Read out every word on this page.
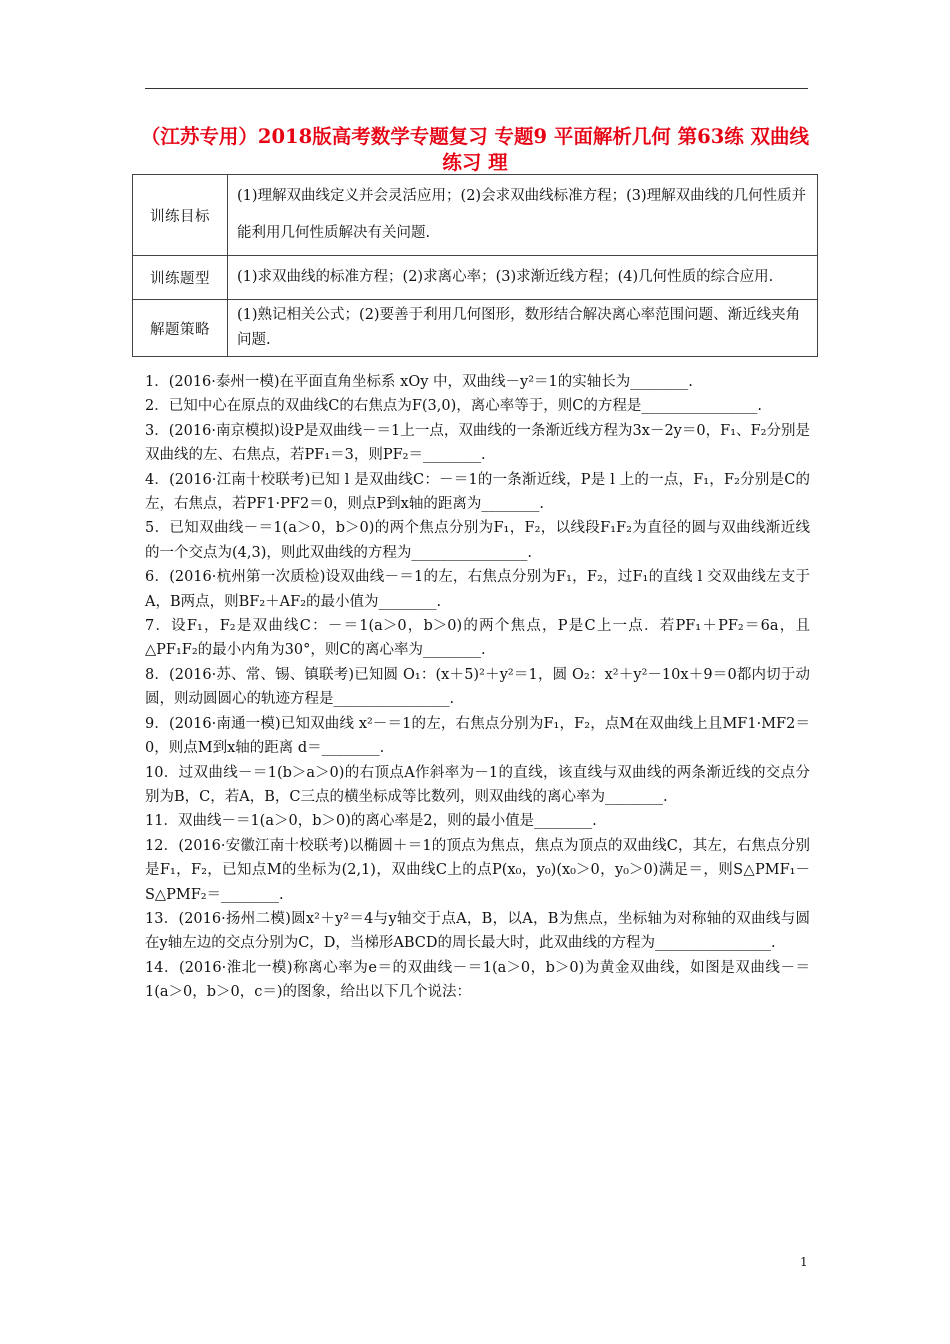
（江苏专用）2018版高考数学专题复习 专题9 平面解析几何 第63练 双曲线练习 理
训练目标	(1)理解双曲线定义并会灵活应用；(2)会求双曲线标准方程；(3)理解双曲线的几何性质并能利用几何性质解决有关问题.
训练题型	(1)求双曲线的标准方程；(2)求离心率；(3)求渐近线方程；(4)几何性质的综合应用.
解题策略	(1)熟记相关公式；(2)要善于利用几何图形，数形结合解决离心率范围问题、渐近线夹角问题.

1．(2016·泰州一模)在平面直角坐标系 xOy 中，双曲线－y²＝1的实轴长为________.

2．已知中心在原点的双曲线C的右焦点为F(3,0)，离心率等于，则C的方程是________________.

3．(2016·南京模拟)设P是双曲线－＝1上一点，双曲线的一条渐近线方程为3x－2y＝0，F₁、F₂分别是双曲线的左、右焦点，若PF₁＝3，则PF₂＝________.

4．(2016·江南十校联考)已知 l 是双曲线C：－＝1的一条渐近线，P是 l 上的一点，F₁，F₂分别是C的左，右焦点，若PF1·PF2＝0，则点P到x轴的距离为________.

5．已知双曲线－＝1(a＞0，b＞0)的两个焦点分别为F₁，F₂，以线段F₁F₂为直径的圆与双曲线渐近线的一个交点为(4,3)，则此双曲线的方程为________________.

6．(2016·杭州第一次质检)设双曲线－＝1的左，右焦点分别为F₁，F₂，过F₁的直线 l 交双曲线左支于A，B两点，则BF₂＋AF₂的最小值为________.

7．设F₁，F₂是双曲线C：－＝1(a＞0，b＞0)的两个焦点，P是C上一点．若PF₁＋PF₂＝6a，且△PF₁F₂的最小内角为30°，则C的离心率为________.

8．(2016·苏、常、锡、镇联考)已知圆 O₁：(x＋5)²＋y²＝1，圆 O₂：x²＋y²－10x＋9＝0都内切于动圆，则动圆圆心的轨迹方程是________________.

9．(2016·南通一模)已知双曲线 x²－＝1的左，右焦点分别为F₁，F₂，点M在双曲线上且MF1·MF2＝0，则点M到x轴的距离 d＝________.

10．过双曲线－＝1(b＞a＞0)的右顶点A作斜率为－1的直线，该直线与双曲线的两条渐近线的交点分别为B，C，若A，B，C三点的横坐标成等比数列，则双曲线的离心率为________.

11．双曲线－＝1(a＞0，b＞0)的离心率是2，则的最小值是________.

12．(2016·安徽江南十校联考)以椭圆＋＝1的顶点为焦点，焦点为顶点的双曲线C，其左，右焦点分别是F₁，F₂，已知点M的坐标为(2,1)，双曲线C上的点P(x₀，y₀)(x₀＞0，y₀＞0)满足＝，则S△PMF₁－S△PMF₂＝________.

13．(2016·扬州二模)圆x²＋y²＝4与y轴交于点A，B，以A，B为焦点，坐标轴为对称轴的双曲线与圆在y轴左边的交点分别为C，D，当梯形ABCD的周长最大时，此双曲线的方程为________________.

14．(2016·淮北一模)称离心率为e＝的双曲线－＝1(a＞0，b＞0)为黄金双曲线，如图是双曲线－＝1(a＞0，b＞0，c＝)的图象，给出以下几个说法：

1
